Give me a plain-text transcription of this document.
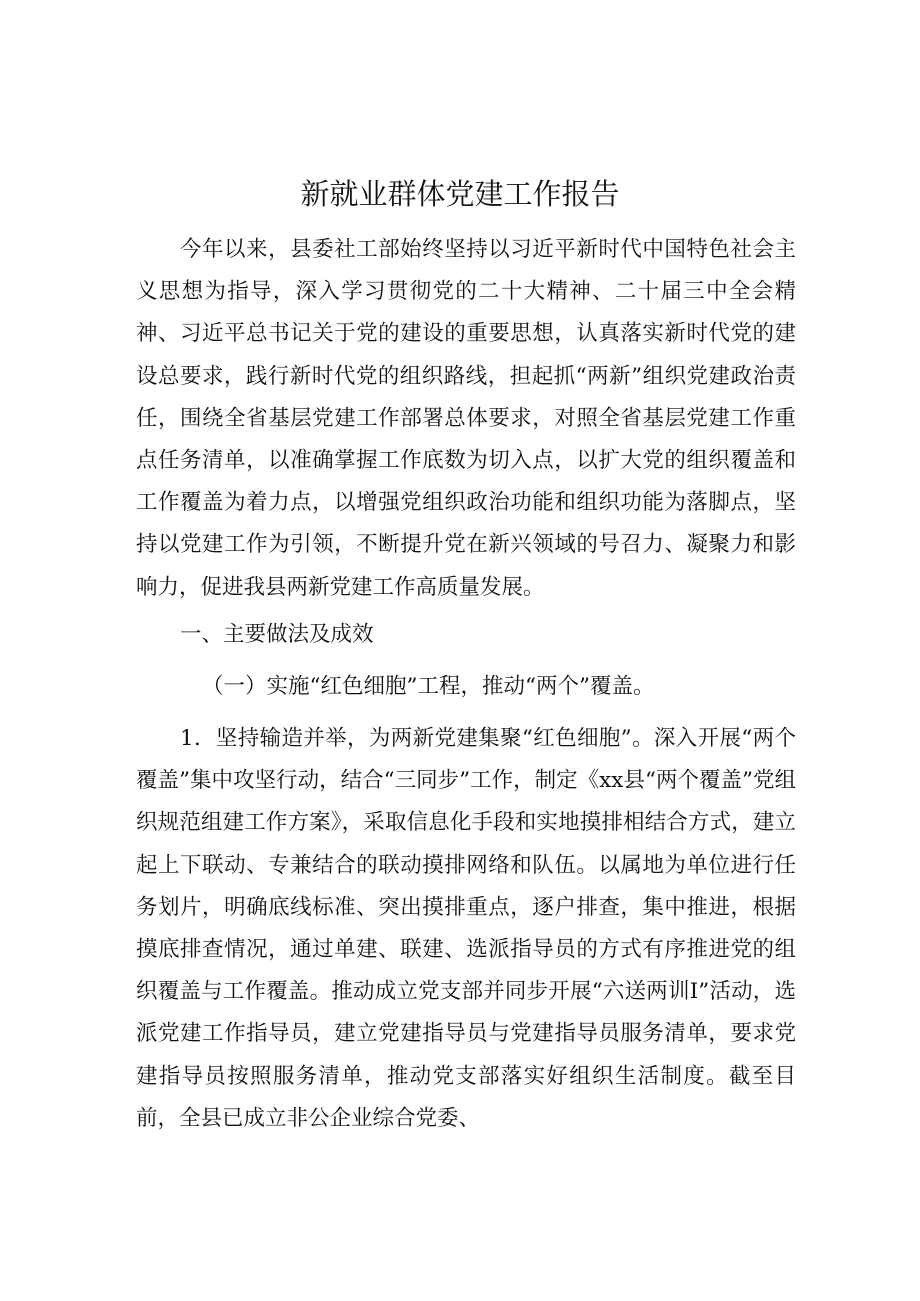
新就业群体党建工作报告

今年以来，县委社工部始终坚持以习近平新时代中国特色社会主义思想为指导，深入学习贯彻党的二十大精神、二十届三中全会精神、习近平总书记关于党的建设的重要思想，认真落实新时代党的建设总要求，践行新时代党的组织路线，担起抓“两新”组织党建政治责任，围绕全省基层党建工作部署总体要求，对照全省基层党建工作重点任务清单，以准确掌握工作底数为切入点，以扩大党的组织覆盖和工作覆盖为着力点，以增强党组织政治功能和组织功能为落脚点，坚持以党建工作为引领，不断提升党在新兴领域的号召力、凝聚力和影响力，促进我县两新党建工作高质量发展。

一、主要做法及成效

（一）实施“红色细胞”工程，推动“两个”覆盖。

1．坚持输造并举，为两新党建集聚“红色细胞”。深入开展“两个覆盖”集中攻坚行动，结合“三同步”工作，制定《xx县“两个覆盖”党组织规范组建工作方案》，采取信息化手段和实地摸排相结合方式，建立起上下联动、专兼结合的联动摸排网络和队伍。以属地为单位进行任务划片，明确底线标准、突出摸排重点，逐户排查，集中推进，根据摸底排查情况，通过单建、联建、选派指导员的方式有序推进党的组织覆盖与工作覆盖。推动成立党支部并同步开展“六送两训I”活动，选派党建工作指导员，建立党建指导员与党建指导员服务清单，要求党建指导员按照服务清单，推动党支部落实好组织生活制度。截至目前，全县已成立非公企业综合党委、
